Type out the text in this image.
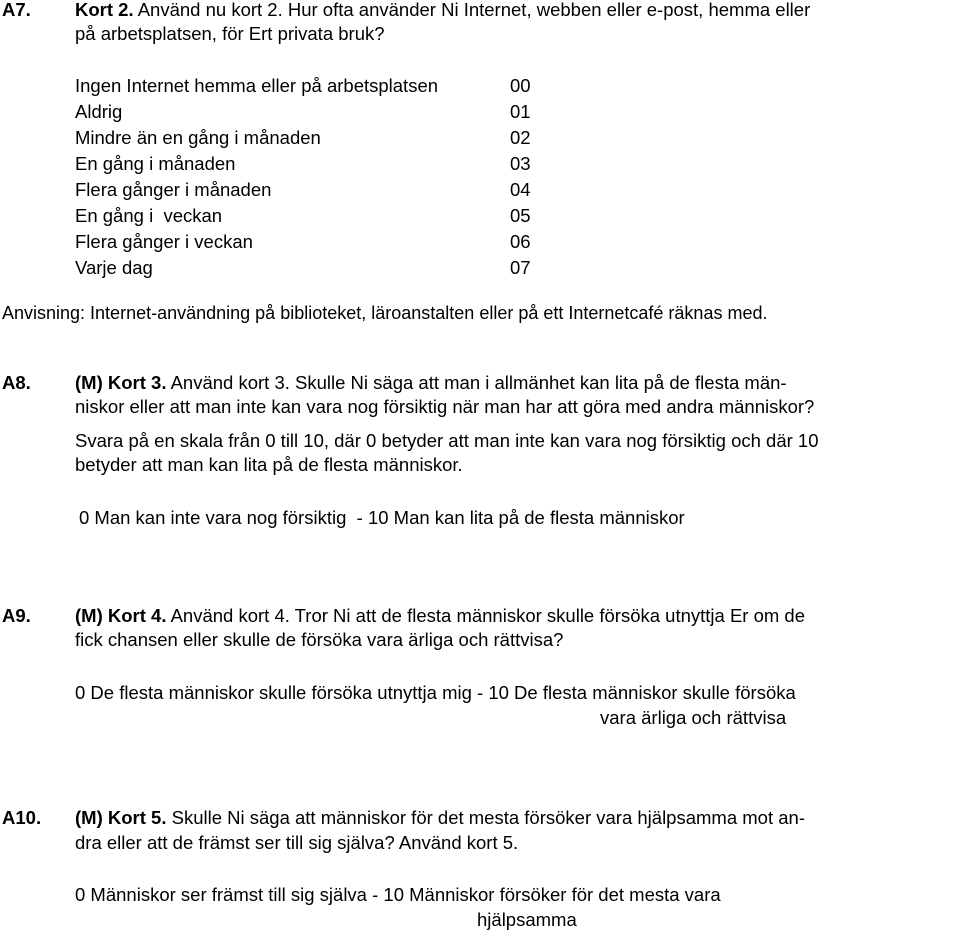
A7. Kort 2. Använd nu kort 2. Hur ofta använder Ni Internet, webben eller e-post, hemma eller
på arbetsplatsen, för Ert privata bruk?
Ingen Internet hemma eller på arbetsplatsen	00
Aldrig	01
Mindre än en gång i månaden	02
En gång i månaden	03
Flera gånger i månaden	04
En gång i  veckan	05
Flera gånger i veckan	06
Varje dag	07
Anvisning: Internet-användning på biblioteket, läroanstalten eller på ett Internetcafé räknas med.
A8. (M) Kort 3. Använd kort 3. Skulle Ni säga att man i allmänhet kan lita på de flesta män-
niskor eller att man inte kan vara nog försiktig när man har att göra med andra människor?
Svara på en skala från 0 till 10, där 0 betyder att man inte kan vara nog försiktig och där 10
betyder att man kan lita på de flesta människor.
0 Man kan inte vara nog försiktig  - 10 Man kan lita på de flesta människor
A9. (M) Kort 4. Använd kort 4. Tror Ni att de flesta människor skulle försöka utnyttja Er om de
fick chansen eller skulle de försöka vara ärliga och rättvisa?
0 De flesta människor skulle försöka utnyttja mig - 10 De flesta människor skulle försöka
vara ärliga och rättvisa
A10. (M) Kort 5. Skulle Ni säga att människor för det mesta försöker vara hjälpsamma mot an-
dra eller att de främst ser till sig själva? Använd kort 5.
0 Människor ser främst till sig själva - 10 Människor försöker för det mesta vara
hjälpsamma
